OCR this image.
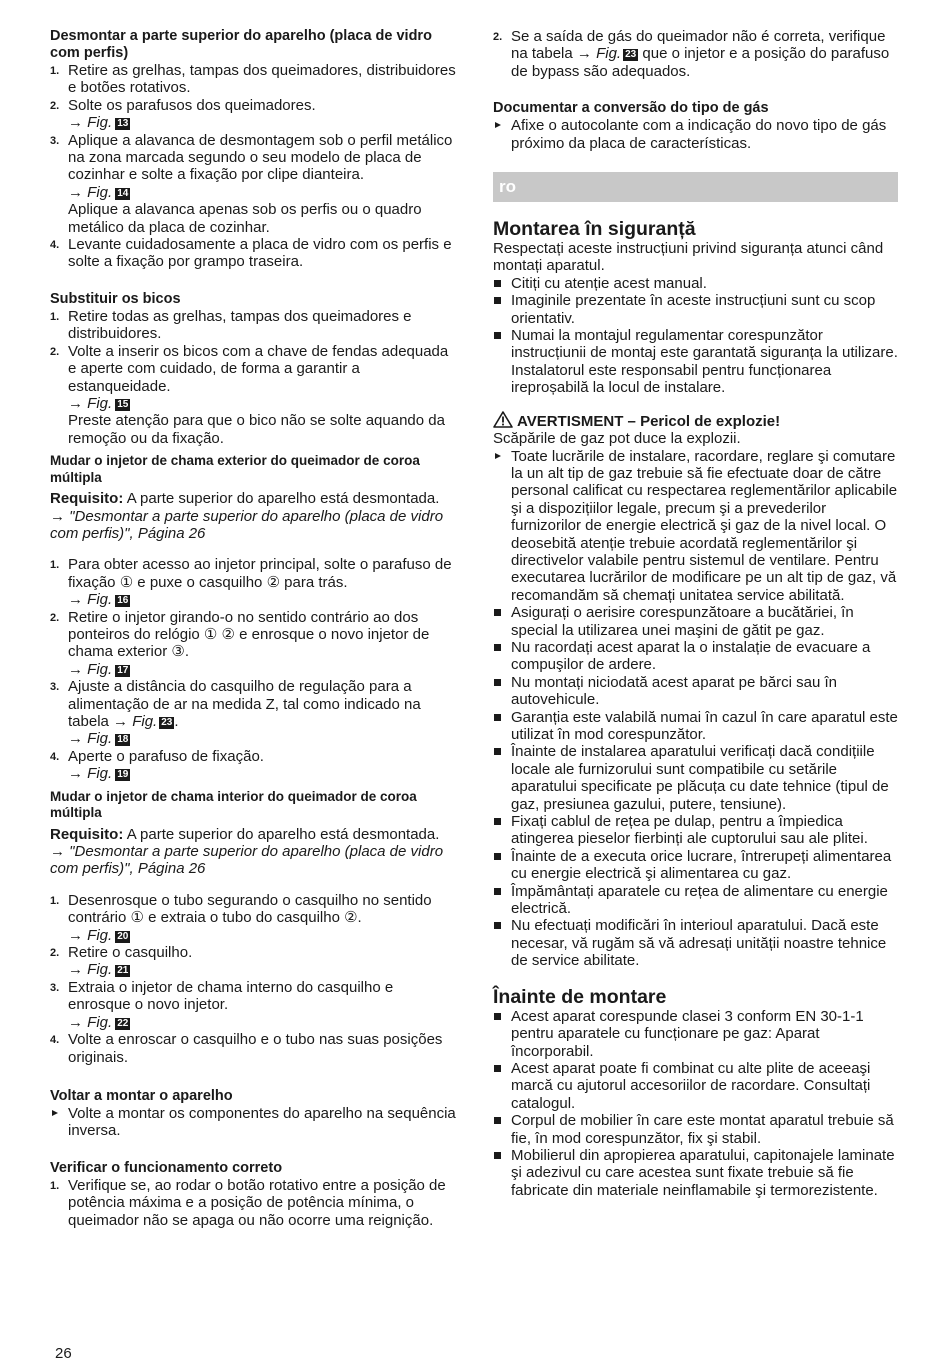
Desmontar a parte superior do aparelho (placa de vidro com perfis)
1. Retire as grelhas, tampas dos queimadores, distribuidores e botões rotativos.
2. Solte os parafusos dos queimadores.
→ Fig. 13
3. Aplique a alavanca de desmontagem sob o perfil metálico na zona marcada segundo o seu modelo de placa de cozinhar e solte a fixação por clipe dianteira.
→ Fig. 14
Aplique a alavanca apenas sob os perfis ou o quadro metálico da placa de cozinhar.
4. Levante cuidadosamente a placa de vidro com os perfis e solte a fixação por grampo traseira.
Substituir os bicos
1. Retire todas as grelhas, tampas dos queimadores e distribuidores.
2. Volte a inserir os bicos com a chave de fendas adequada e aperte com cuidado, de forma a garantir a estanqueidade.
→ Fig. 15
Preste atenção para que o bico não se solte aquando da remoção ou da fixação.
Mudar o injetor de chama exterior do queimador de coroa múltipla

Requisito: A parte superior do aparelho está desmontada. → "Desmontar a parte superior do aparelho (placa de vidro com perfis)", Página 26

1. Para obter acesso ao injetor principal, solte o parafuso de fixação ① e puxe o casquilho ② para trás.
→ Fig. 16
2. Retire o injetor girando-o no sentido contrário ao dos ponteiros do relógio ① ② e enrosque o novo injetor de chama exterior ③.
→ Fig. 17
3. Ajuste a distância do casquilho de regulação para a alimentação de ar na medida Z, tal como indicado na tabela → Fig. 23 .
→ Fig. 18
4. Aperte o parafuso de fixação.
→ Fig. 19
Mudar o injetor de chama interior do queimador de coroa múltipla

Requisito: A parte superior do aparelho está desmontada. → "Desmontar a parte superior do aparelho (placa de vidro com perfis)", Página 26

1. Desenrosque o tubo segurando o casquilho no sentido contrário ① e extraia o tubo do casquilho ②.
→ Fig. 20
2. Retire o casquilho.
→ Fig. 21
3. Extraia o injetor de chama interno do casquilho e enrosque o novo injetor.
→ Fig. 22
4. Volte a enroscar o casquilho e o tubo nas suas posições originais.
Voltar a montar o aparelho
Volte a montar os componentes do aparelho na sequência inversa.
Verificar o funcionamento correto
1. Verifique se, ao rodar o botão rotativo entre a posição de potência máxima e a posição de potência mínima, o queimador não se apaga ou não ocorre uma reignição.
2. Se a saída de gás do queimador não é correta, verifique na tabela → Fig. 23 que o injetor e a posição do parafuso de bypass são adequados.
Documentar a conversão do tipo de gás
Afixe o autocolante com a indicação do novo tipo de gás próximo da placa de características.
ro
Montarea în siguranță

Respectați aceste instrucțiuni privind siguranța atunci când montați aparatul.

Citiți cu atenție acest manual.
Imaginile prezentate în aceste instrucțiuni sunt cu scop orientativ.
Numai la montajul regulamentar corespunzător instrucțiunii de montaj este garantată siguranța la utilizare. Instalatorul este responsabil pentru funcționarea ireproșabilă la locul de instalare.

AVERTISMENT – Pericol de explozie!

Scăpările de gaz pot duce la explozii.

Toate lucrările de instalare, racordare, reglare şi comutare la un alt tip de gaz trebuie să fie efectuate doar de către personal calificat cu respectarea reglementărilor aplicabile şi a dispozițiilor legale, precum şi a prevederilor furnizorilor de energie electrică şi gaz de la nivel local. O deosebită atenție trebuie acordată reglementărilor şi directivelor valabile pentru sistemul de ventilare. Pentru executarea lucrărilor de modificare pe un alt tip de gaz, vă recomandăm să chemați unitatea service abilitată.
Asigurați o aerisire corespunzătoare a bucătăriei, în special la utilizarea unei maşini de gătit pe gaz.
Nu racordați acest aparat la o instalație de evacuare a compuşilor de ardere.
Nu montați niciodată acest aparat pe bărci sau în autovehicule.
Garanția este valabilă numai în cazul în care aparatul este utilizat în mod corespunzător.
Înainte de instalarea aparatului verificați dacă condițiile locale ale furnizorului sunt compatibile cu setările aparatului specificate pe plăcuța cu date tehnice (tipul de gaz, presiunea gazului, putere, tensiune).
Fixați cablul de rețea pe dulap, pentru a împiedica atingerea pieselor fierbinți ale cuptorului sau ale plitei.
Înainte de a executa orice lucrare, întrerupeți alimentarea cu energie electrică şi alimentarea cu gaz.
Împământați aparatele cu rețea de alimentare cu energie electrică.
Nu efectuați modificări în interioul aparatului. Dacă este necesar, vă rugăm să vă adresați unității noastre tehnice de service abilitate.
Înainte de montare
Acest aparat corespunde clasei 3 conform EN 30-1-1 pentru aparatele cu funcționare pe gaz: Aparat încorporabil.
Acest aparat poate fi combinat cu alte plite de aceeaşi marcă cu ajutorul accesoriilor de racordare. Consultați catalogul.
Corpul de mobilier în care este montat aparatul trebuie să fie, în mod corespunzător, fix şi stabil.
Mobilierul din apropierea aparatului, capitonajele laminate şi adezivul cu care acestea sunt fixate trebuie să fie fabricate din materiale neinflamabile şi termorezistente.
26
